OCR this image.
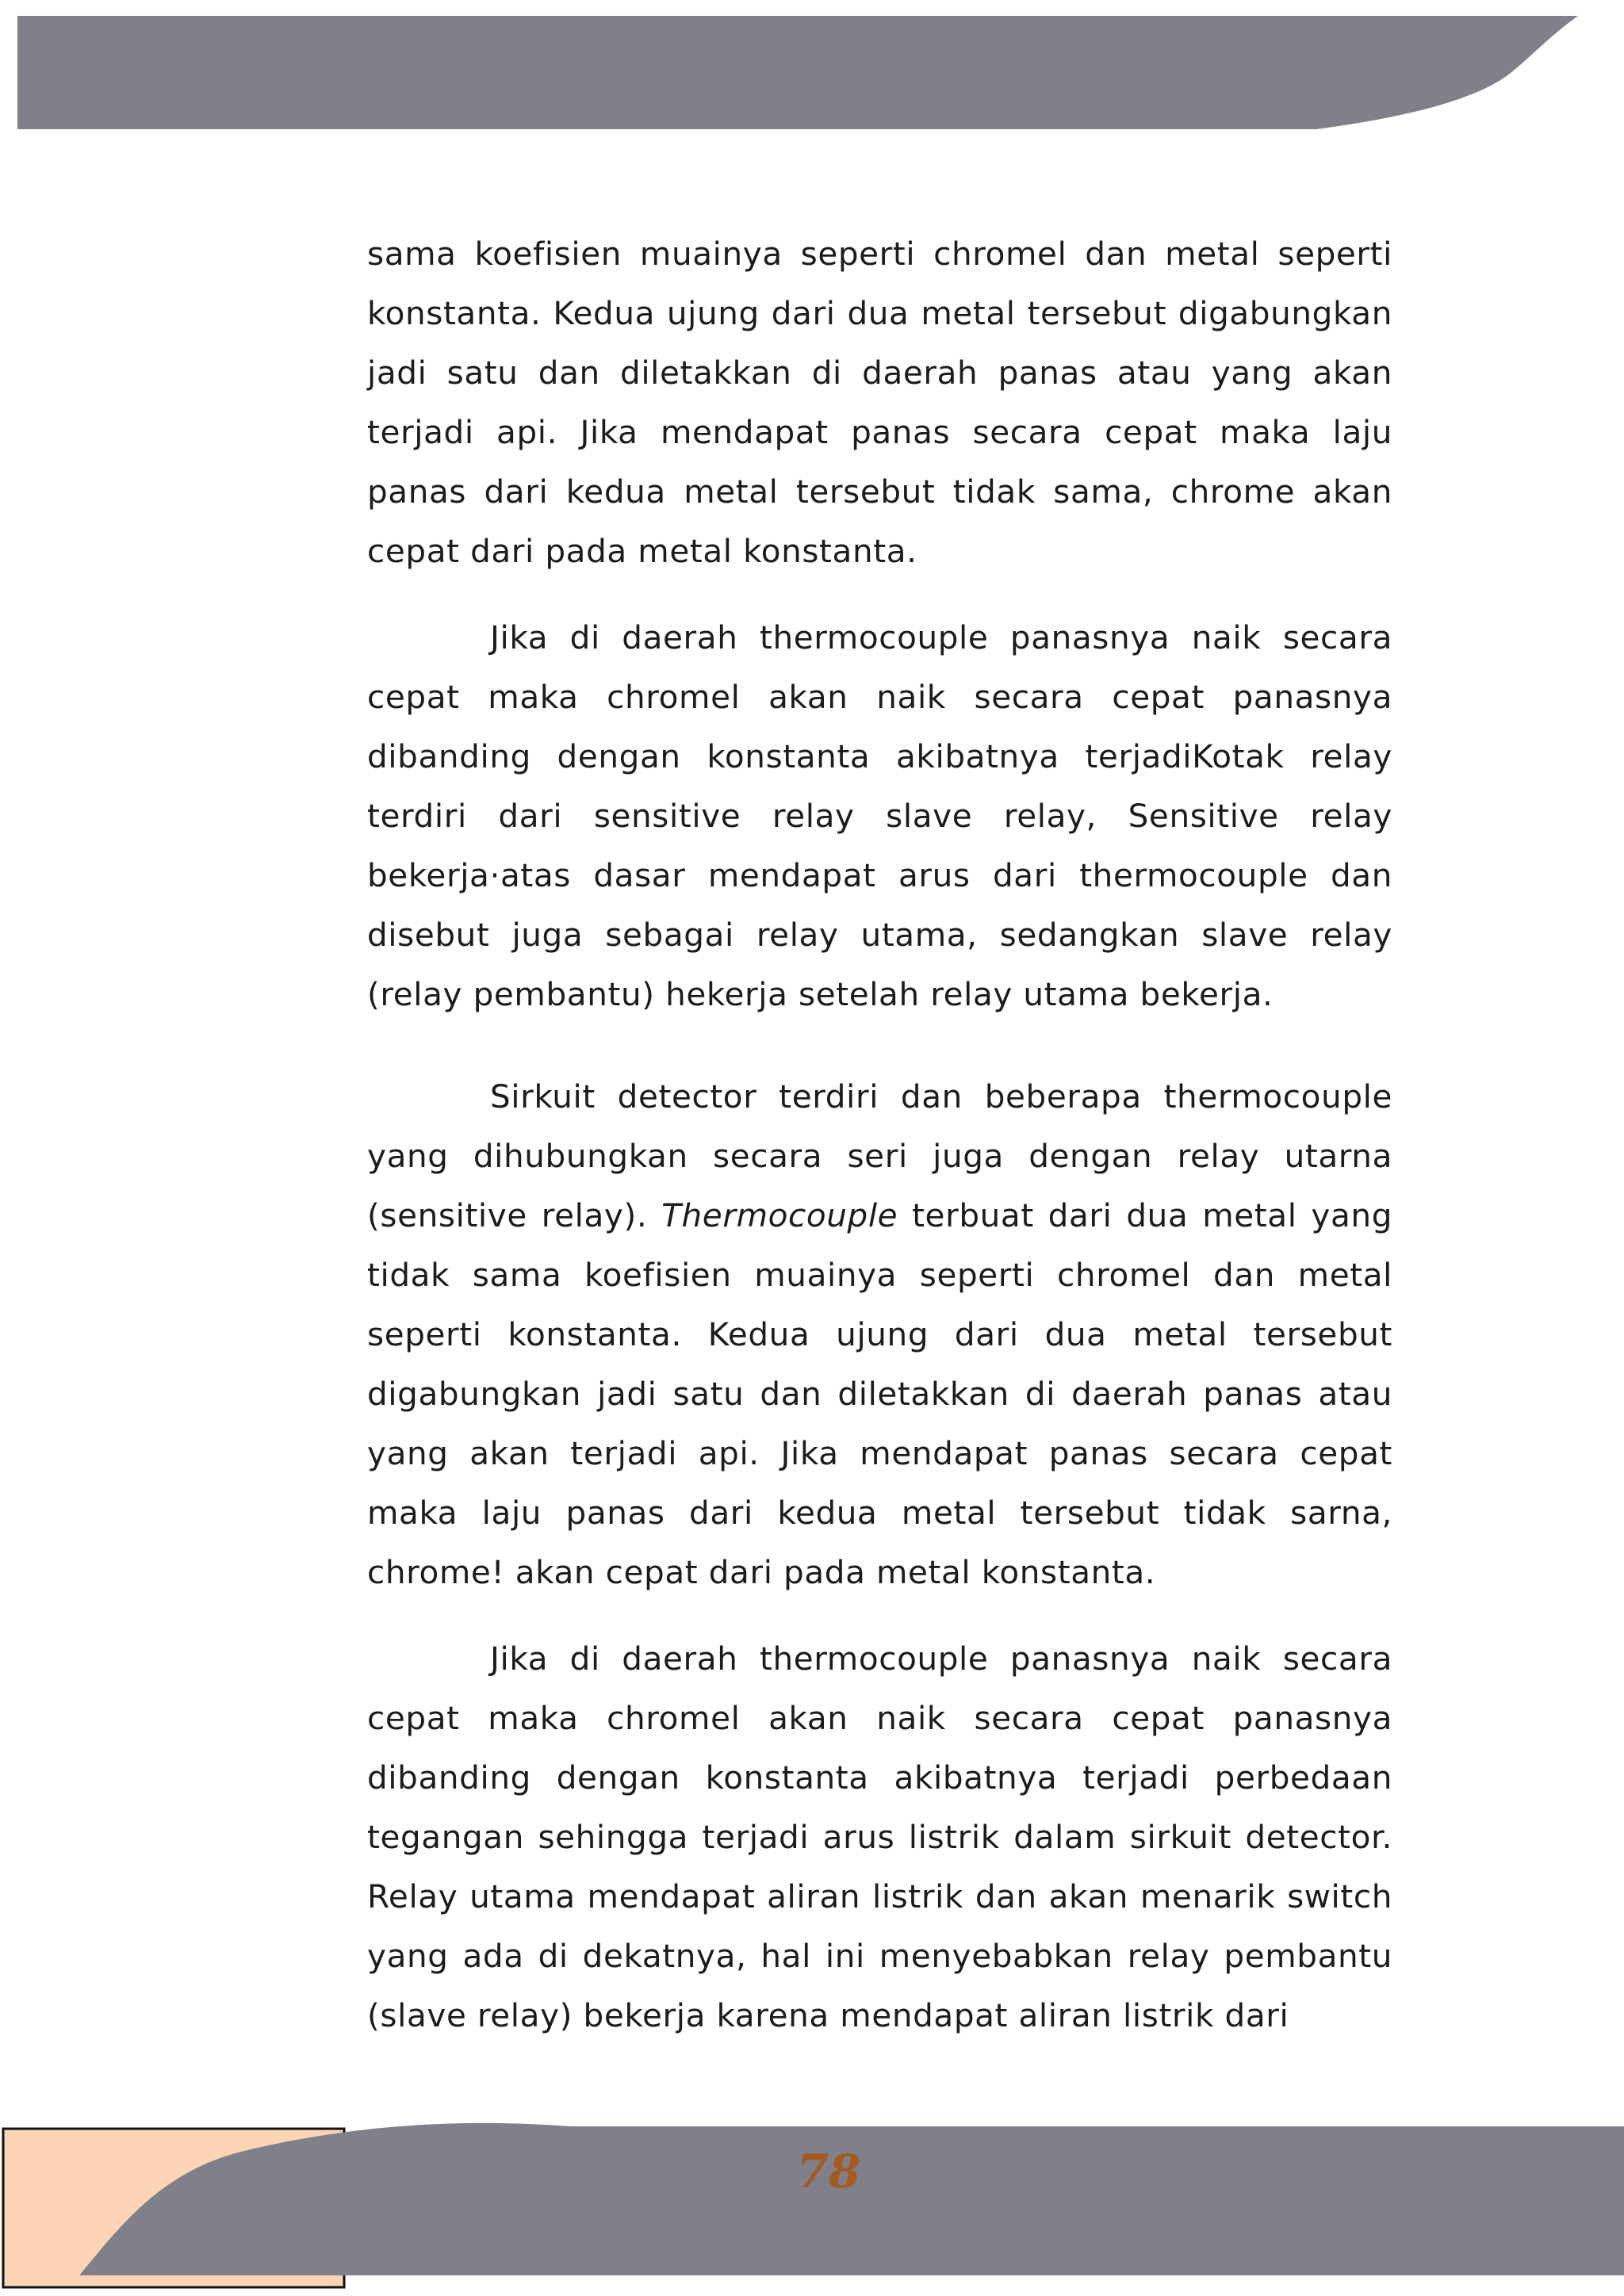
sama koefisien muainya seperti chromel dan metal seperti konstanta. Kedua ujung dari dua metal tersebut digabungkan jadi satu dan diletakkan di daerah panas atau yang akan terjadi api. Jika mendapat panas secara cepat maka laju panas dari kedua metal tersebut tidak sama, chrome akan cepat dari pada metal konstanta.

Jika di daerah thermocouple panasnya naik secara cepat maka chromel akan naik secara cepat panasnya dibanding dengan konstanta akibatnya terjadiKotak relay terdiri dari sensitive relay slave relay, Sensitive relay bekerja·atas dasar mendapat arus dari thermocouple dan disebut juga sebagai relay utama, sedangkan slave relay (relay pembantu) hekerja setelah relay utama bekerja.

Sirkuit detector terdiri dan beberapa thermocouple yang dihubungkan secara seri juga dengan relay utarna (sensitive relay). Thermocouple terbuat dari dua metal yang tidak sama koefisien muainya seperti chromel dan metal seperti konstanta. Kedua ujung dari dua metal tersebut digabungkan jadi satu dan diletakkan di daerah panas atau yang akan terjadi api. Jika mendapat panas secara cepat maka laju panas dari kedua metal tersebut tidak sarna, chrome! akan cepat dari pada metal konstanta.

Jika di daerah thermocouple panasnya naik secara cepat maka chromel akan naik secara cepat panasnya dibanding dengan konstanta akibatnya terjadi perbedaan tegangan sehingga terjadi arus listrik dalam sirkuit detector. Relay utama mendapat aliran listrik dan akan menarik switch yang ada di dekatnya, hal ini menyebabkan relay pembantu (slave relay) bekerja karena mendapat aliran listrik dari

78
